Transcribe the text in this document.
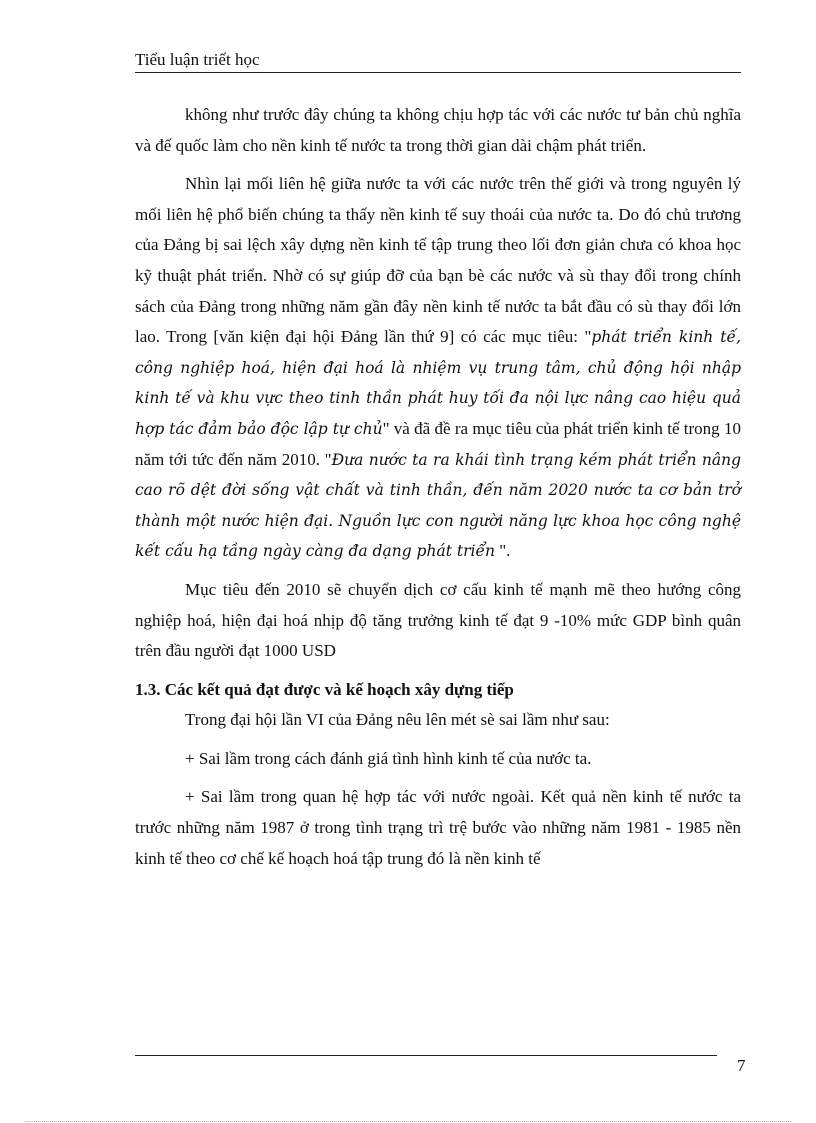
Tiểu luận triết học

không như trước đây chúng ta không chịu hợp tác với các nước tư bản chủ nghĩa và đế quốc làm cho nền kinh tế nước ta trong thời gian dài chậm phát triển.

Nhìn lại mối liên hệ giữa nước ta với các nước trên thế giới và trong nguyên lý mối liên hệ phổ biến chúng ta thấy nền kinh tế suy thoái của nước ta. Do đó chủ trương của Đảng bị sai lệch xây dựng nền kinh tế tập trung theo lối đơn giản chưa có khoa học kỹ thuật phát triển. Nhờ có sự giúp đỡ của bạn bè các nước và sù thay đổi trong chính sách của Đảng trong những năm gần đây nền kinh tế nước ta bắt đầu có sù thay đổi lớn lao. Trong [văn kiện đại hội Đảng lần thứ 9] có các mục tiêu: "phát triển kinh tế, công nghiệp hoá, hiện đại hoá là nhiệm vụ trung tâm, chủ động hội nhập kinh tế và khu vực theo tinh thần phát huy tối đa nội lực nâng cao hiệu quả hợp tác đảm bảo độc lập tự chủ" và đã đề ra mục tiêu của phát triển kinh tế trong 10 năm tới tức đến năm 2010. "Đưa nước ta ra khái tình trạng kém phát triển nâng cao rõ dệt đời sống vật chất và tinh thần, đến năm 2020 nước ta cơ bản trở thành một nước hiện đại. Nguồn lực con người năng lực khoa học công nghệ kết cấu hạ tầng ngày càng đa dạng phát triển ".

Mục tiêu đến 2010 sẽ chuyển dịch cơ cấu kinh tế mạnh mẽ theo hướng công nghiệp hoá, hiện đại hoá nhịp độ tăng trưởng kinh tế đạt 9 -10% mức GDP bình quân trên đầu người đạt 1000 USD

1.3. Các kết quả đạt được và kế hoạch xây dựng tiếp

Trong đại hội lần VI của Đảng nêu lên mét sè sai lầm như sau:

+ Sai lầm trong cách đánh giá tình hình kinh tế của nước ta.

+ Sai lầm trong quan hệ hợp tác với nước ngoài. Kết quả nền kinh tế nước ta trước những năm 1987 ở trong tình trạng trì trệ bước vào những năm 1981 - 1985 nền kinh tế theo cơ chế kế hoạch hoá tập trung đó là nền kinh tế

7
